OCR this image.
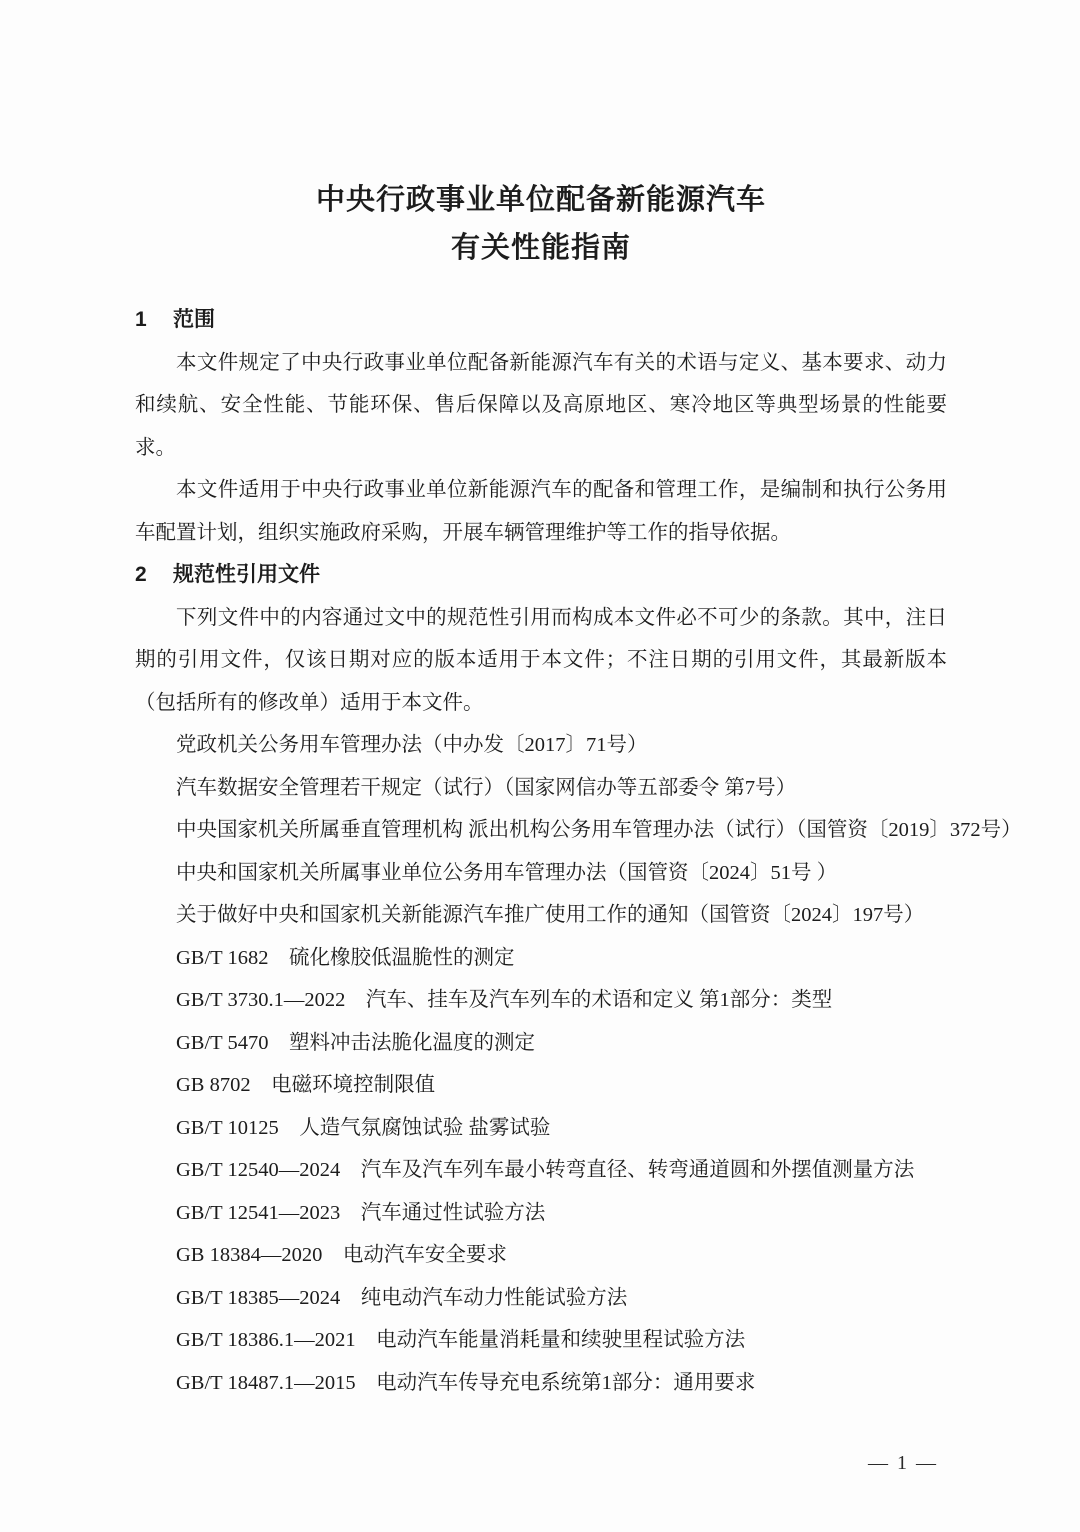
中央行政事业单位配备新能源汽车
有关性能指南
1 范围

本文件规定了中央行政事业单位配备新能源汽车有关的术语与定义、基本要求、动力和续航、安全性能、节能环保、售后保障以及高原地区、寒冷地区等典型场景的性能要求。

本文件适用于中央行政事业单位新能源汽车的配备和管理工作，是编制和执行公务用车配置计划，组织实施政府采购，开展车辆管理维护等工作的指导依据。

2 规范性引用文件

下列文件中的内容通过文中的规范性引用而构成本文件必不可少的条款。其中，注日期的引用文件，仅该日期对应的版本适用于本文件；不注日期的引用文件，其最新版本（包括所有的修改单）适用于本文件。

党政机关公务用车管理办法（中办发〔2017〕71号）

汽车数据安全管理若干规定（试行）（国家网信办等五部委令 第7号）

中央国家机关所属垂直管理机构 派出机构公务用车管理办法（试行）（国管资〔2019〕372号）

中央和国家机关所属事业单位公务用车管理办法（国管资〔2024〕51号 ）

关于做好中央和国家机关新能源汽车推广使用工作的通知（国管资〔2024〕197号）

GB/T 1682　硫化橡胶低温脆性的测定

GB/T 3730.1—2022　汽车、挂车及汽车列车的术语和定义 第1部分：类型

GB/T 5470　塑料冲击法脆化温度的测定

GB 8702　电磁环境控制限值

GB/T 10125　人造气氛腐蚀试验 盐雾试验

GB/T 12540—2024　汽车及汽车列车最小转弯直径、转弯通道圆和外摆值测量方法

GB/T 12541—2023　汽车通过性试验方法

GB 18384—2020　电动汽车安全要求

GB/T 18385—2024　纯电动汽车动力性能试验方法

GB/T 18386.1—2021　电动汽车能量消耗量和续驶里程试验方法

GB/T 18487.1—2015　电动汽车传导充电系统第1部分：通用要求

— 1 —
